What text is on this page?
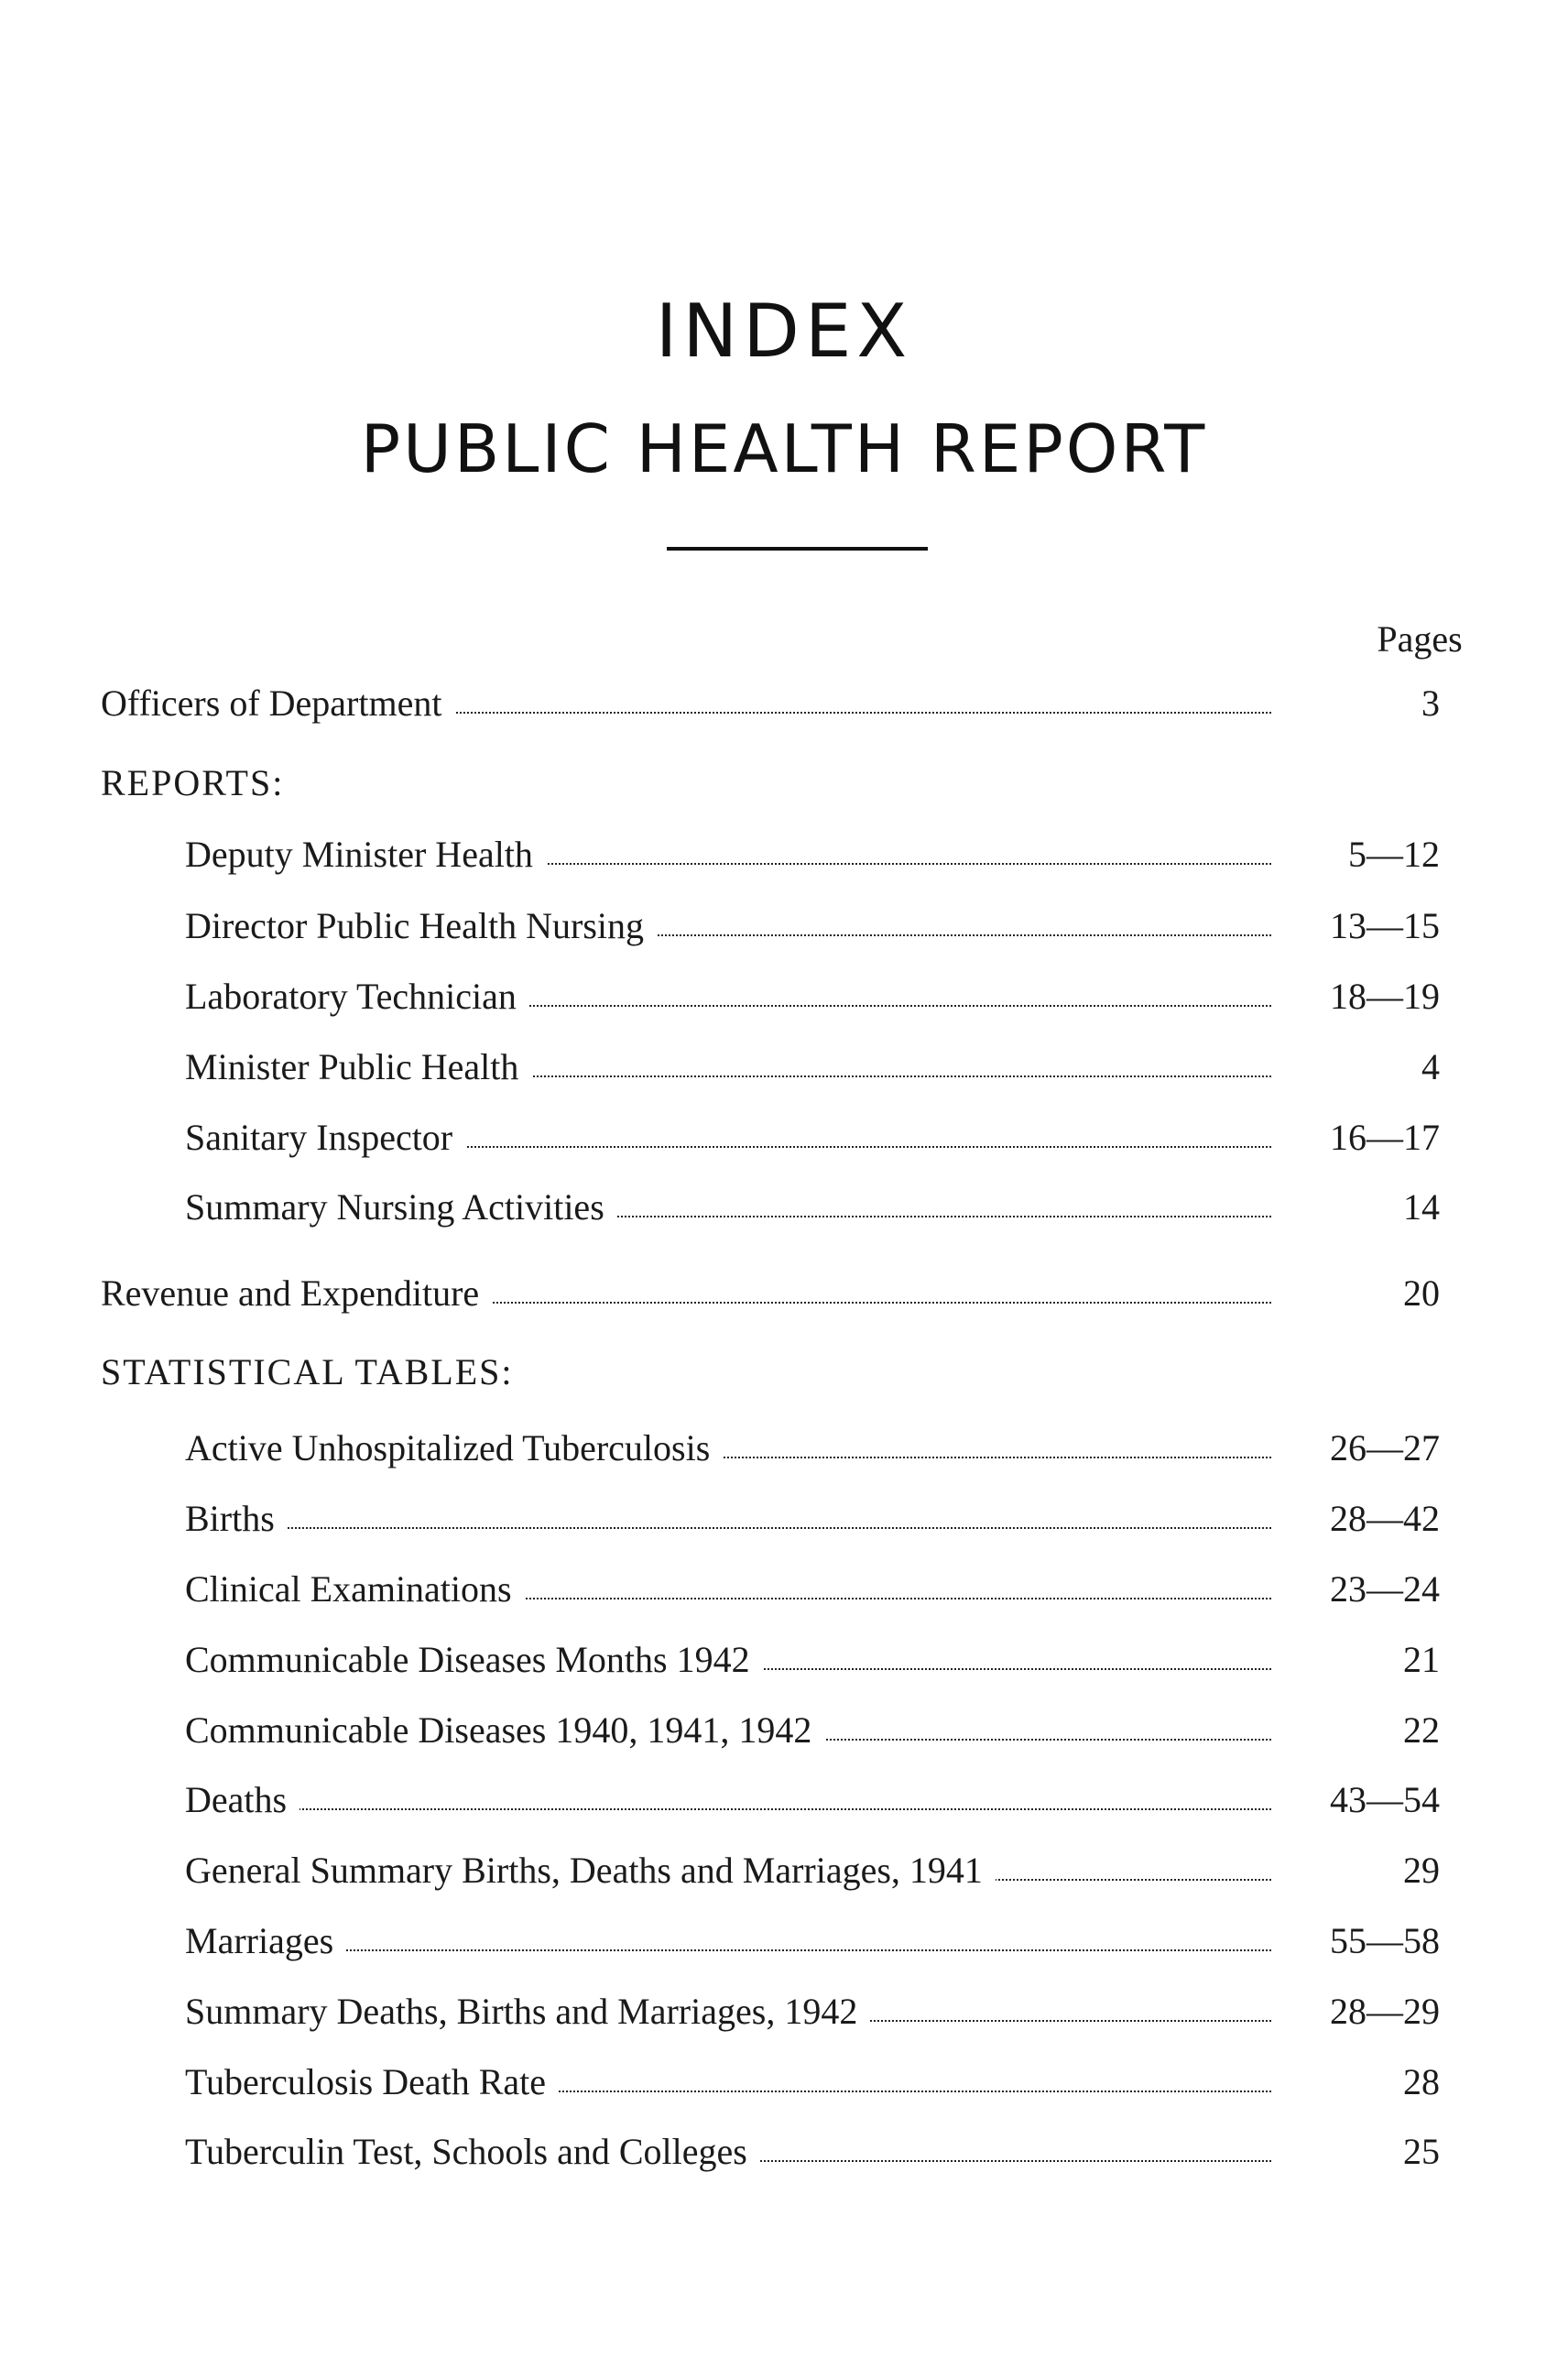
INDEX
PUBLIC HEALTH REPORT
Pages
Officers of Department	3
REPORTS:
Deputy Minister Health	5—12
Director Public Health Nursing	13—15
Laboratory Technician	18—19
Minister Public Health	4
Sanitary Inspector	16—17
Summary Nursing Activities	14
Revenue and Expenditure	20
STATISTICAL TABLES:
Active Unhospitalized Tuberculosis	26—27
Births	28—42
Clinical Examinations	23—24
Communicable Diseases Months 1942	21
Communicable Diseases 1940, 1941, 1942	22
Deaths	43—54
General Summary Births, Deaths and Marriages, 1941	29
Marriages	55—58
Summary Deaths, Births and Marriages, 1942	28—29
Tuberculosis Death Rate	28
Tuberculin Test, Schools and Colleges	25
